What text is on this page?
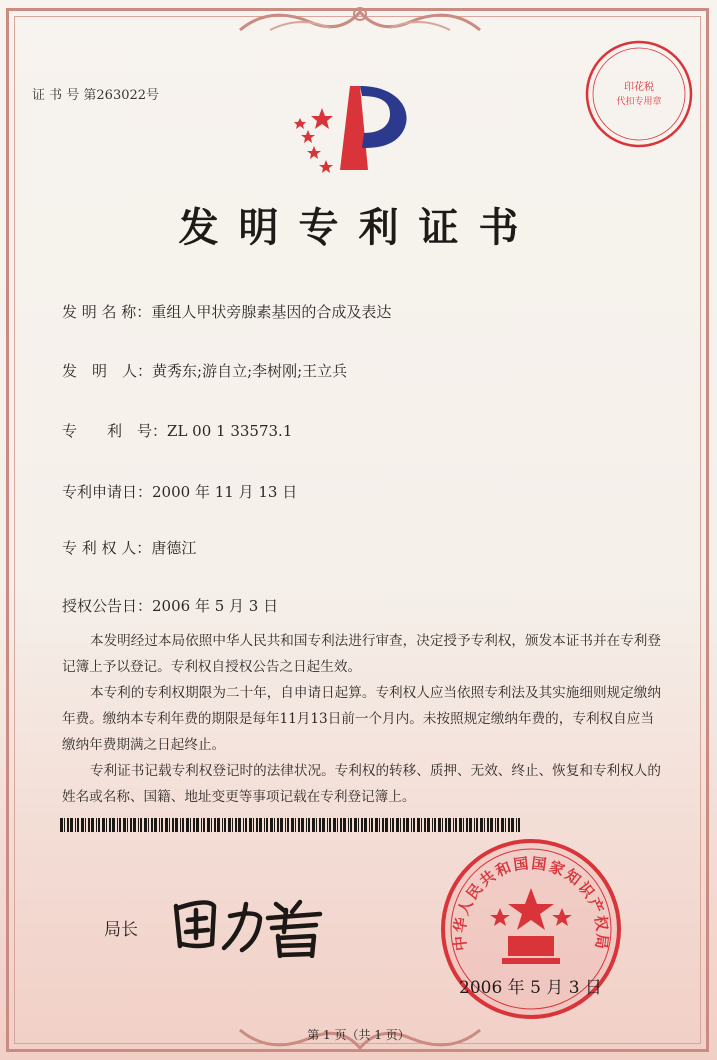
证 书 号 第263022号
印花税
代扣专用章
发明专利证书
发 明 名 称：重组人甲状旁腺素基因的合成及表达
发　明　人：黄秀东;游自立;李树刚;王立兵
专　　利　号：ZL 00 1 33573.1
专利申请日：2000 年 11 月 13 日
专 利 权 人：唐德江
授权公告日：2006 年 5 月 3 日

本发明经过本局依照中华人民共和国专利法进行审查，决定授予专利权，颁发本证书并在专利登记簿上予以登记。专利权自授权公告之日起生效。

本专利的专利权期限为二十年，自申请日起算。专利权人应当依照专利法及其实施细则规定缴纳年费。缴纳本专利年费的期限是每年11月13日前一个月内。未按照规定缴纳年费的，专利权自应当缴纳年费期满之日起终止。

专利证书记载专利权登记时的法律状况。专利权的转移、质押、无效、终止、恢复和专利权人的姓名或名称、国籍、地址变更等事项记载在专利登记簿上。

局长
中华人民共和国国家知识产权局
2006 年 5 月 3 日
第 1 页（共 1 页）
